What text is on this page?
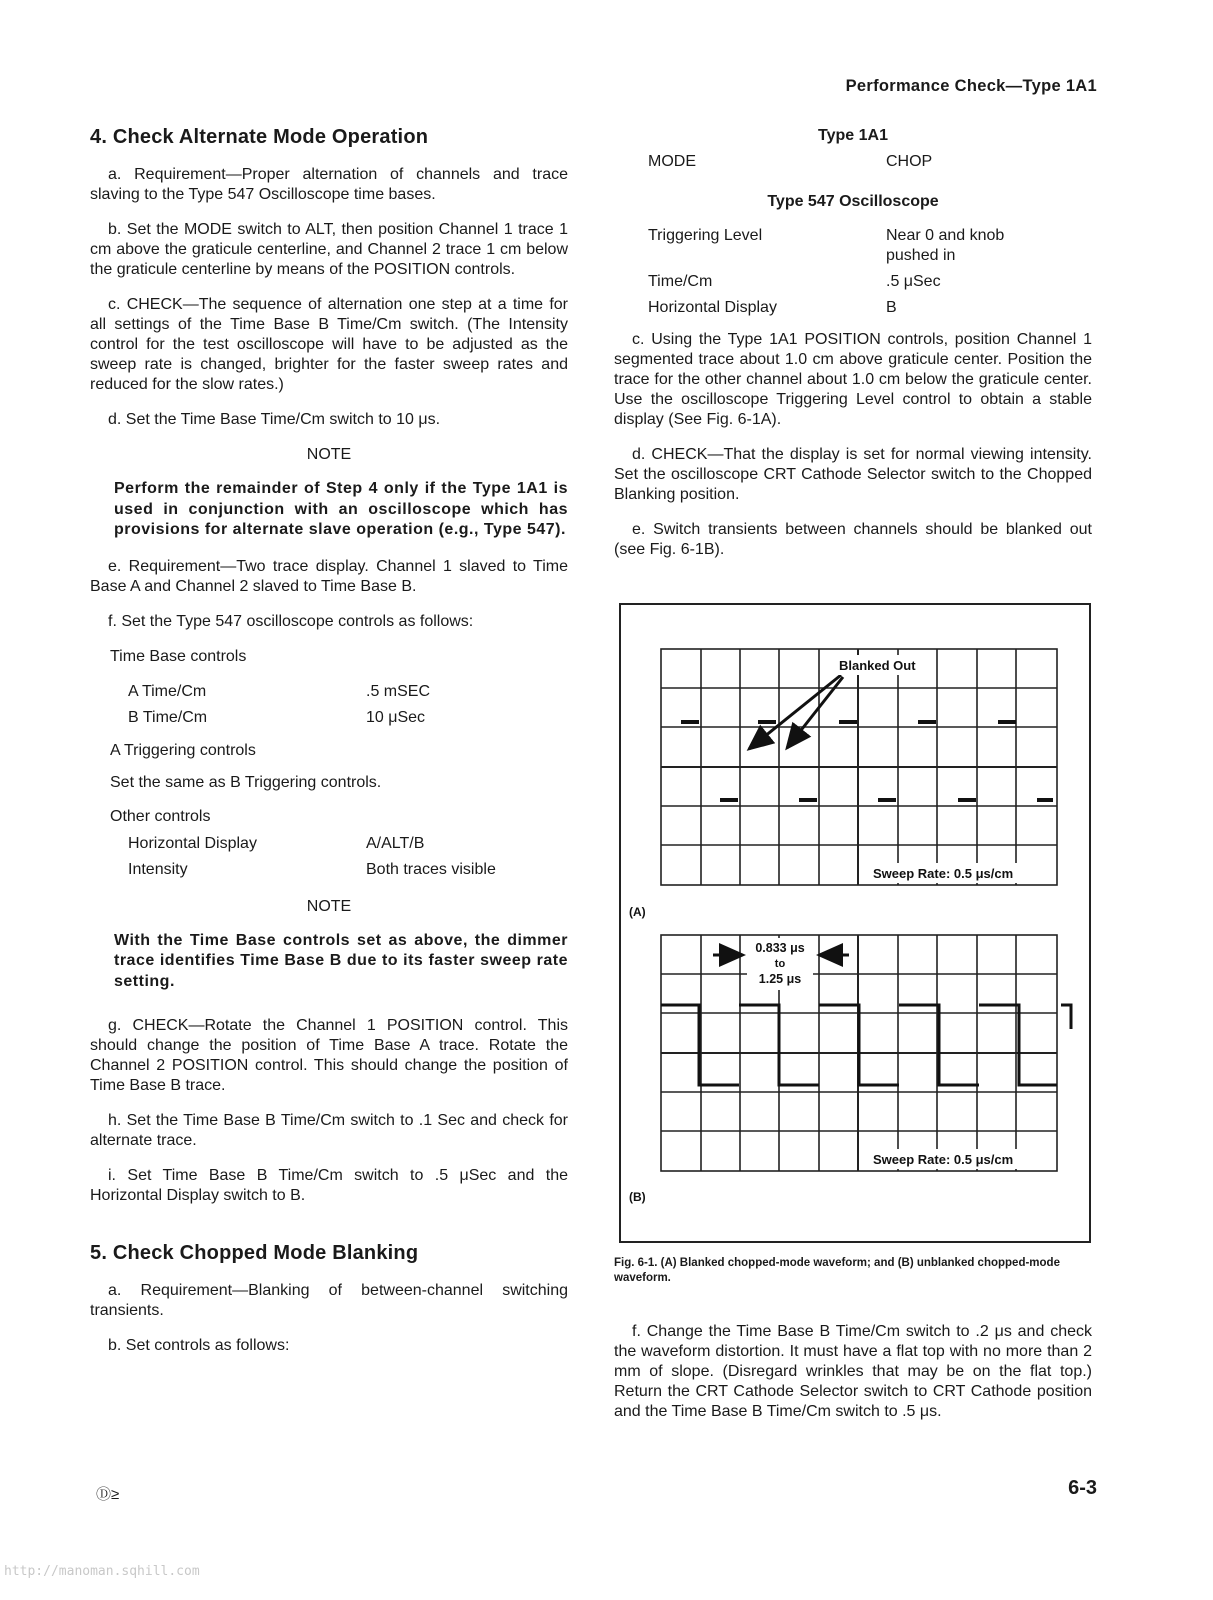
Performance Check—Type 1A1
4. Check Alternate Mode Operation

a. Requirement—Proper alternation of channels and trace slaving to the Type 547 Oscilloscope time bases.

b. Set the MODE switch to ALT, then position Channel 1 trace 1 cm above the graticule centerline, and Channel 2 trace 1 cm below the graticule centerline by means of the POSITION controls.

c. CHECK—The sequence of alternation one step at a time for all settings of the Time Base B Time/Cm switch. (The Intensity control for the test oscilloscope will have to be adjusted as the sweep rate is changed, brighter for the faster sweep rates and reduced for the slow rates.)

d. Set the Time Base Time/Cm switch to 10 μs.

NOTE

Perform the remainder of Step 4 only if the Type 1A1 is used in conjunction with an oscilloscope which has provisions for alternate slave operation (e.g., Type 547).

e. Requirement—Two trace display. Channel 1 slaved to Time Base A and Channel 2 slaved to Time Base B.

f. Set the Type 547 oscilloscope controls as follows:

Time Base controls

A Time/Cm	.5 mSEC
B Time/Cm	10 μSec

A Triggering controls

Set the same as B Triggering controls.

Other controls

Horizontal Display	A/ALT/B
Intensity	Both traces visible

NOTE

With the Time Base controls set as above, the dimmer trace identifies Time Base B due to its faster sweep rate setting.

g. CHECK—Rotate the Channel 1 POSITION control. This should change the position of Time Base A trace. Rotate the Channel 2 POSITION control. This should change the position of Time Base B trace.

h. Set the Time Base B Time/Cm switch to .1 Sec and check for alternate trace.

i. Set Time Base B Time/Cm switch to .5 μSec and the Horizontal Display switch to B.

5. Check Chopped Mode Blanking

a. Requirement—Blanking of between-channel switching transients.

b. Set controls as follows:

Type 1A1

MODE	CHOP

Type 547 Oscilloscope

Triggering Level	Near 0 and knob pushed in
Time/Cm	.5 μSec
Horizontal Display	B

c. Using the Type 1A1 POSITION controls, position Channel 1 segmented trace about 1.0 cm above graticule center. Position the trace for the other channel about 1.0 cm below the graticule center. Use the oscilloscope Triggering Level control to obtain a stable display (See Fig. 6-1A).

d. CHECK—That the display is set for normal viewing intensity. Set the oscilloscope CRT Cathode Selector switch to the Chopped Blanking position.

e. Switch transients between channels should be blanked out (see Fig. 6-1B).

Blanked Out
Sweep Rate: 0.5 μs/cm
(A)
0.833 μs
to
1.25 μs
Sweep Rate: 0.5 μs/cm
(B)
Fig. 6-1. (A) Blanked chopped-mode waveform; and (B) unblanked chopped-mode waveform.

f. Change the Time Base B Time/Cm switch to .2 μs and check the waveform distortion. It must have a flat top with no more than 2 mm of slope. (Disregard wrinkles that may be on the flat top.) Return the CRT Cathode Selector switch to CRT Cathode position and the Time Base B Time/Cm switch to .5 μs.

Ⓓ≥	6-3
http://manoman.sqhill.com
